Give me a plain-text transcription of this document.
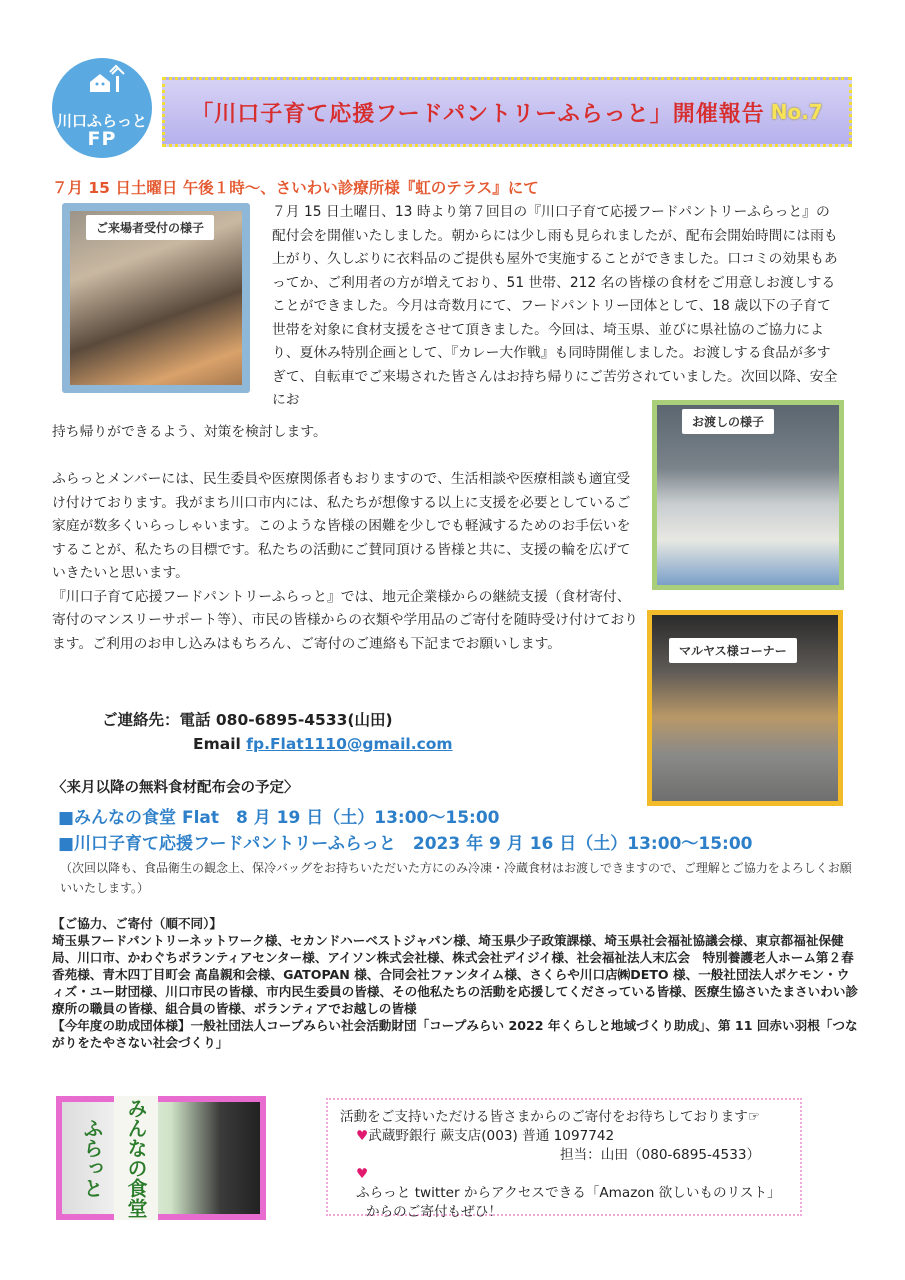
川口ふらっと
FP
「川口子育て応援フードパントリーふらっと」開催報告 No.7
７月 15 日土曜日 午後１時～、さいわい診療所様『虹のテラス』にて
ご来場者受付の様子
７月 15 日土曜日、13 時より第７回目の『川口子育て応援フードパントリーふらっと』の配付会を開催いたしました。朝からには少し雨も見られましたが、配布会開始時間には雨も上がり、久しぶりに衣料品のご提供も屋外で実施することができました。口コミの効果もあってか、ご利用者の方が増えており、51 世帯、212 名の皆様の食材をご用意しお渡しすることができました。今月は奇数月にて、フードパントリー団体として、18 歳以下の子育て世帯を対象に食材支援をさせて頂きました。今回は、埼玉県、並びに県社協のご協力により、夏休み特別企画として、『カレー大作戦』も同時開催しました。お渡しする食品が多すぎて、自転車でご来場された皆さんはお持ち帰りにご苦労されていました。次回以降、安全にお
持ち帰りができるよう、対策を検討します。
お渡しの様子
ふらっとメンバーには、民生委員や医療関係者もおりますので、生活相談や医療相談も適宜受け付けております。我がまち川口市内には、私たちが想像する以上に支援を必要としているご家庭が数多くいらっしゃいます。このような皆様の困難を少しでも軽減するためのお手伝いをすることが、私たちの目標です。私たちの活動にご賛同頂ける皆様と共に、支援の輪を広げていきたいと思います。
『川口子育て応援フードパントリーふらっと』では、地元企業様からの継続支援（食材寄付、寄付のマンスリーサポート等）、市民の皆様からの衣類や学用品のご寄付を随時受け付けております。ご利用のお申し込みはもちろん、ご寄付のご連絡も下記までお願いします。	マルヤス様コーナー
ご連絡先：電話 080-6895-4533(山田)
Email fp.Flat1110@gmail.com
〈来月以降の無料食材配布会の予定〉
■みんなの食堂 Flat　8 月 19 日（土）13:00～15:00
■川口子育て応援フードパントリーふらっと　2023 年 9 月 16 日（土）13:00～15:00
（次回以降も、食品衛生の観念上、保冷バッグをお持ちいただいた方にのみ冷凍・冷蔵食材はお渡しできますので、ご理解とご協力をよろしくお願いいたします。）

【ご協力、ご寄付（順不同）】

埼玉県フードパントリーネットワーク様、セカンドハーベストジャパン様、埼玉県少子政策課様、埼玉県社会福祉協議会様、東京都福祉保健局、川口市、かわぐちボランティアセンター様、アイソン株式会社様、株式会社デイジイ様、社会福祉法人末広会　特別養護老人ホーム第２春香苑様、青木四丁目町会 高畠親和会様、GATOPAN 様、合同会社ファンタイム様、さくらや川口店㈱DETO 様、一般社団法人ポケモン・ウィズ・ユー財団様、川口市民の皆様、市内民生委員の皆様、その他私たちの活動を応援してくださっている皆様、医療生協さいたまさいわい診療所の職員の皆様、組合員の皆様、ボランティアでお越しの皆様

【今年度の助成団体様】一般社団法人コープみらい社会活動財団「コープみらい 2022 年くらしと地域づくり助成」、第 11 回赤い羽根「つながりをたやさない社会づくり」

みんなの食堂 ふらっと
活動をご支持いただける皆さまからのご寄付をお待ちしております☞
♥武蔵野銀行 蕨支店(003) 普通 1097742
担当：山田（080-6895-4533）
♥ふらっと twitter からアクセスできる「Amazon 欲しいものリスト」
からのご寄付もぜひ！
